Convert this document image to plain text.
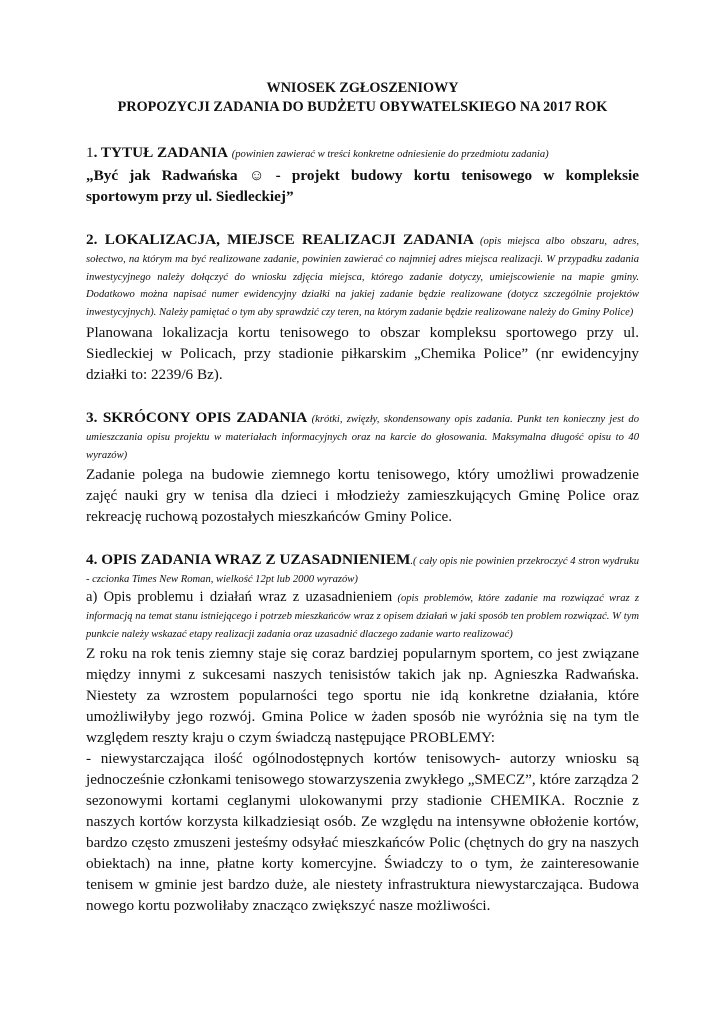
WNIOSEK ZGŁOSZENIOWY

PROPOZYCJI ZADANIA DO BUDŻETU OBYWATELSKIEGO NA 2017 ROK

1. TYTUŁ ZADANIA (powinien zawierać w treści konkretne odniesienie do przedmiotu zadania)

„Być jak Radwańska ☺ - projekt budowy kortu tenisowego w kompleksie sportowym przy ul. Siedleckiej”

2. LOKALIZACJA, MIEJSCE REALIZACJI ZADANIA (opis miejsca albo obszaru, adres, sołectwo, na którym ma być realizowane zadanie, powinien zawierać co najmniej adres miejsca realizacji. W przypadku zadania inwestycyjnego należy dołączyć do wniosku zdjęcia miejsca, którego zadanie dotyczy, umiejscowienie na mapie gminy. Dodatkowo można napisać numer ewidencyjny działki na jakiej zadanie będzie realizowane (dotycz szczególnie projektów inwestycyjnych). Należy pamiętać o tym aby sprawdzić czy teren, na którym zadanie będzie realizowane należy do Gminy Police)

Planowana lokalizacja kortu tenisowego to obszar kompleksu sportowego przy ul. Siedleckiej w Policach, przy stadionie piłkarskim „Chemika Police” (nr ewidencyjny działki to: 2239/6 Bz).

3. SKRÓCONY OPIS ZADANIA (krótki, zwięzły, skondensowany opis zadania. Punkt ten konieczny jest do umieszczania opisu projektu w materiałach informacyjnych oraz na karcie do głosowania. Maksymalna długość opisu to 40 wyrazów)

Zadanie polega na budowie ziemnego kortu tenisowego, który umożliwi prowadzenie zajęć nauki gry w tenisa dla dzieci i młodzieży zamieszkujących Gminę Police oraz rekreację ruchową pozostałych mieszkańców Gminy Police.

4. OPIS ZADANIA WRAZ Z UZASADNIENIEM.( cały opis nie powinien przekroczyć 4 stron wydruku - czcionka Times New Roman, wielkość 12pt lub 2000 wyrazów)

a) Opis problemu i działań wraz z uzasadnieniem (opis problemów, które zadanie ma rozwiązać wraz z informacją na temat stanu istniejącego i potrzeb mieszkańców wraz z opisem działań w jaki sposób ten problem rozwiązać. W tym punkcie należy wskazać etapy realizacji zadania oraz uzasadnić dlaczego zadanie warto realizować)

Z roku na rok tenis ziemny staje się coraz bardziej popularnym sportem, co jest związane między innymi z sukcesami naszych tenisistów takich jak np. Agnieszka Radwańska. Niestety za wzrostem popularności tego sportu nie idą konkretne działania, które umożliwiłyby jego rozwój. Gmina Police w żaden sposób nie wyróżnia się na tym tle względem reszty kraju o czym świadczą następujące PROBLEMY:

- niewystarczająca ilość ogólnodostępnych kortów tenisowych- autorzy wniosku są jednocześnie członkami tenisowego stowarzyszenia zwykłego „SMECZ”, które zarządza 2 sezonowymi kortami ceglanymi ulokowanymi przy stadionie CHEMIKA. Rocznie z naszych kortów korzysta kilkadziesiąt osób. Ze względu na intensywne obłożenie kortów, bardzo często zmuszeni jesteśmy odsyłać mieszkańców Polic (chętnych do gry na naszych obiektach) na inne, płatne korty komercyjne. Świadczy to o tym, że zainteresowanie tenisem w gminie jest bardzo duże, ale niestety infrastruktura niewystarczająca. Budowa nowego kortu pozwoliłaby znacząco zwiększyć nasze możliwości.
